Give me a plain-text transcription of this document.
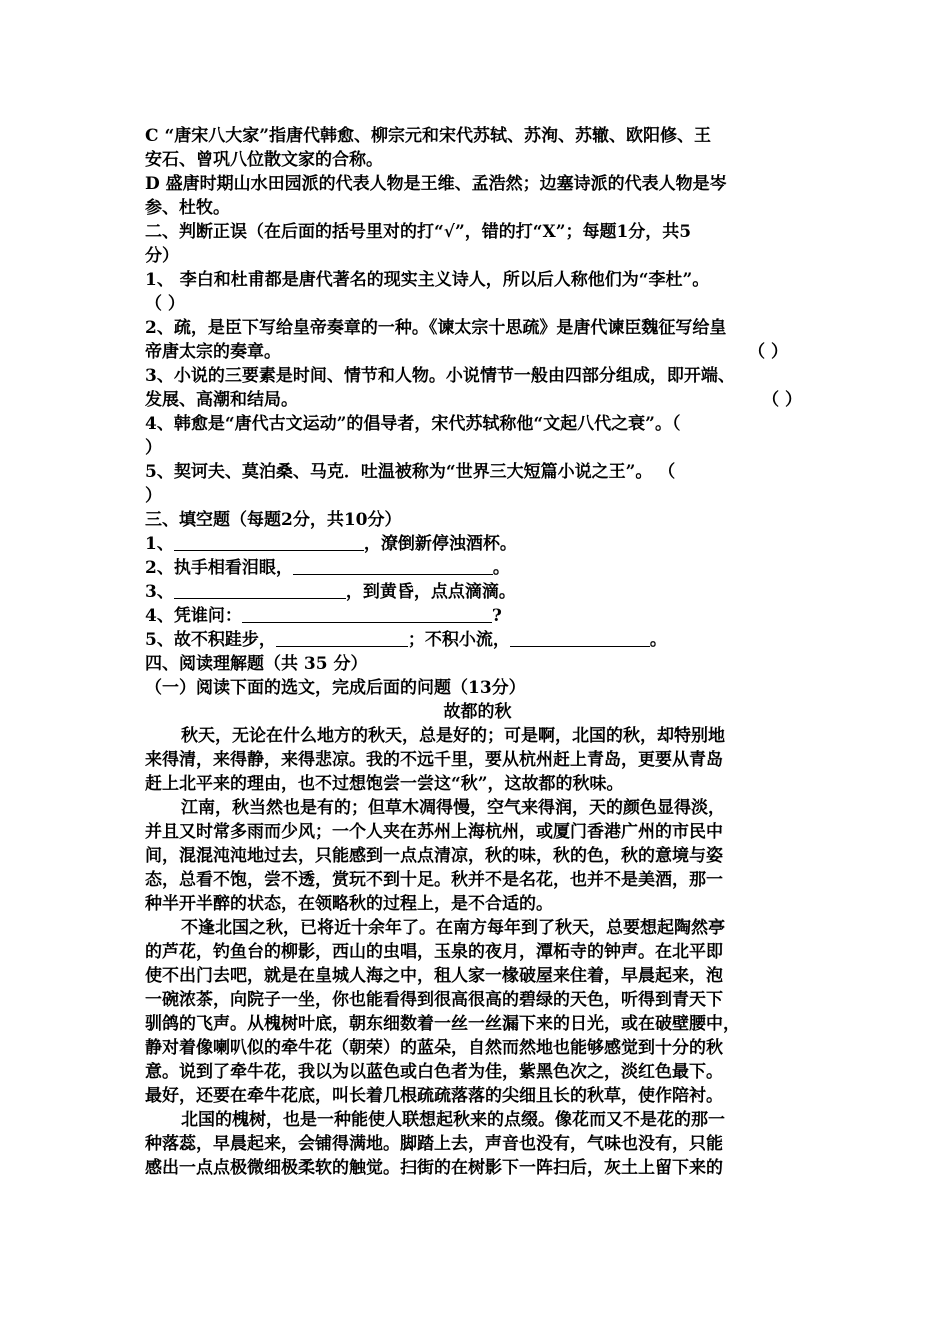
C “唐宋八大家”指唐代韩愈、柳宗元和宋代苏轼、苏洵、苏辙、欧阳修、王
安石、曾巩八位散文家的合称。
D 盛唐时期山水田园派的代表人物是王维、孟浩然；边塞诗派的代表人物是岑
参、杜牧。
二、判断正误（在后面的括号里对的打“√”，错的打“X”；每题1分，共5
分）
1、 李白和杜甫都是唐代著名的现实主义诗人，所以后人称他们为“李杜”。
（ ）
2、疏，是臣下写给皇帝奏章的一种。《谏太宗十思疏》是唐代谏臣魏征写给皇
帝唐太宗的奏章。	（ ）
3、小说的三要素是时间、情节和人物。小说情节一般由四部分组成，即开端、
发展、高潮和结局。	（ ）
4、韩愈是“唐代古文运动”的倡导者，宋代苏轼称他“文起八代之衰”。（
）
5、契诃夫、莫泊桑、马克．吐温被称为“世界三大短篇小说之王”。 （
）
三、填空题（每题2分，共10分）
1、	，潦倒新停浊酒杯。
2、执手相看泪眼，	。
3、	，到黄昏，点点滴滴。
4、凭谁问：	?
5、故不积跬步，	；不积小流，	。
四、阅读理解题（共 35 分）
（一）阅读下面的选文，完成后面的问题（13分）
故都的秋
秋天，无论在什么地方的秋天，总是好的；可是啊，北国的秋，却特别地
来得清，来得静，来得悲凉。我的不远千里，要从杭州赶上青岛，更要从青岛
赶上北平来的理由，也不过想饱尝一尝这“秋”，这故都的秋味。
江南，秋当然也是有的；但草木凋得慢，空气来得润，天的颜色显得淡，
并且又时常多雨而少风；一个人夹在苏州上海杭州，或厦门香港广州的市民中
间，混混沌沌地过去，只能感到一点点清凉，秋的味，秋的色，秋的意境与姿
态，总看不饱，尝不透，赏玩不到十足。秋并不是名花，也并不是美酒，那一
种半开半醉的状态，在领略秋的过程上，是不合适的。
不逢北国之秋，已将近十余年了。在南方每年到了秋天，总要想起陶然亭
的芦花，钓鱼台的柳影，西山的虫唱，玉泉的夜月，潭柘寺的钟声。在北平即
使不出门去吧，就是在皇城人海之中，租人家一椽破屋来住着，早晨起来，泡
一碗浓茶，向院子一坐，你也能看得到很高很高的碧绿的天色，听得到青天下
驯鸽的飞声。从槐树叶底，朝东细数着一丝一丝漏下来的日光，或在破壁腰中，
静对着像喇叭似的牵牛花（朝荣）的蓝朵，自然而然地也能够感觉到十分的秋
意。说到了牵牛花，我以为以蓝色或白色者为佳，紫黑色次之，淡红色最下。
最好，还要在牵牛花底，叫长着几根疏疏落落的尖细且长的秋草，使作陪衬。
北国的槐树，也是一种能使人联想起秋来的点缀。像花而又不是花的那一
种落蕊，早晨起来，会铺得满地。脚踏上去，声音也没有，气味也没有，只能
感出一点点极微细极柔软的触觉。扫街的在树影下一阵扫后，灰土上留下来的
